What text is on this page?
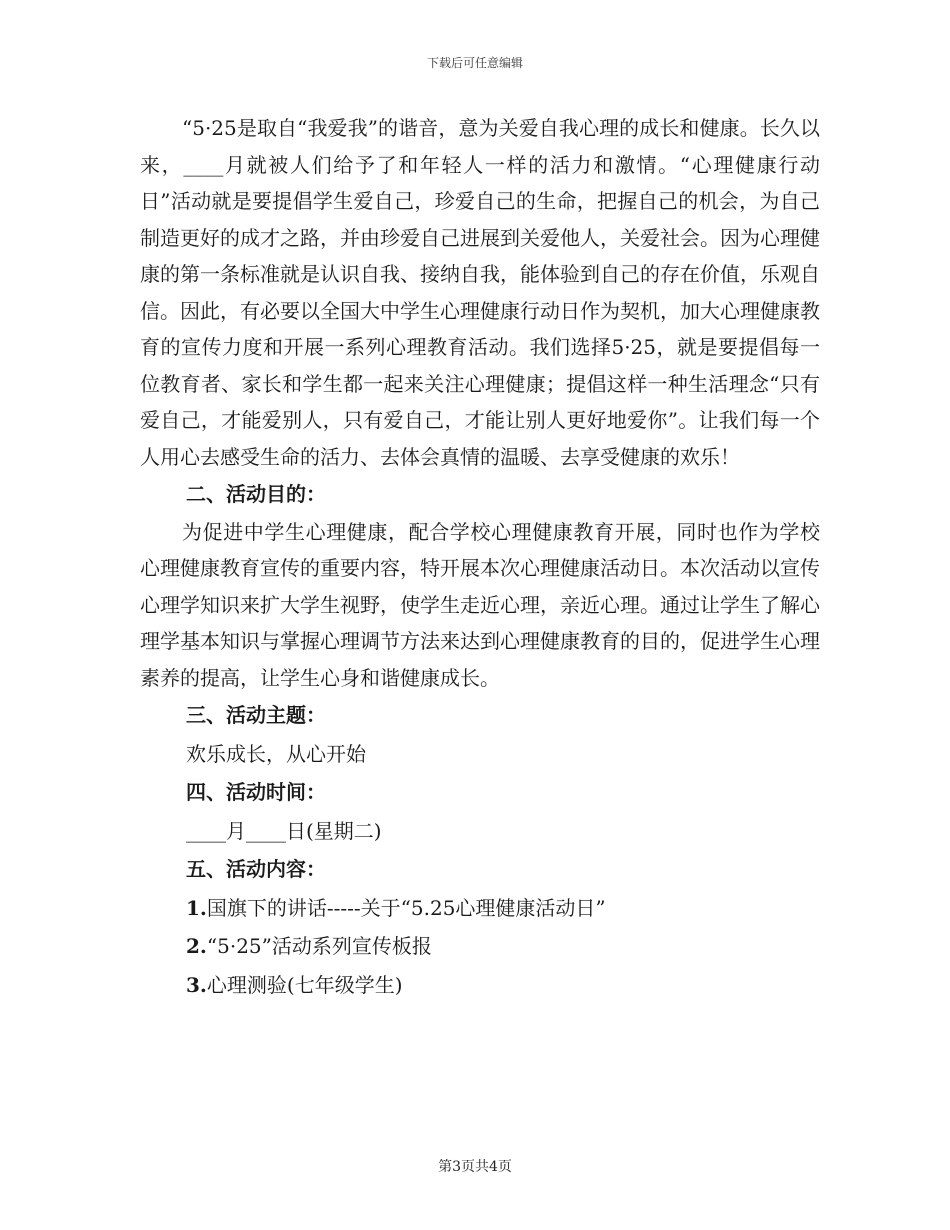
下载后可任意编辑

“5·25是取自“我爱我”的谐音，意为关爱自我心理的成长和健康。长久以来，____月就被人们给予了和年轻人一样的活力和激情。“心理健康行动日”活动就是要提倡学生爱自己，珍爱自己的生命，把握自己的机会，为自己制造更好的成才之路，并由珍爱自己进展到关爱他人，关爱社会。因为心理健康的第一条标准就是认识自我、接纳自我，能体验到自己的存在价值，乐观自信。因此，有必要以全国大中学生心理健康行动日作为契机，加大心理健康教育的宣传力度和开展一系列心理教育活动。我们选择5·25，就是要提倡每一位教育者、家长和学生都一起来关注心理健康；提倡这样一种生活理念“只有爱自己，才能爱别人，只有爱自己，才能让别人更好地爱你”。让我们每一个人用心去感受生命的活力、去体会真情的温暖、去享受健康的欢乐！

二、活动目的：

为促进中学生心理健康，配合学校心理健康教育开展，同时也作为学校心理健康教育宣传的重要内容，特开展本次心理健康活动日。本次活动以宣传心理学知识来扩大学生视野，使学生走近心理，亲近心理。通过让学生了解心理学基本知识与掌握心理调节方法来达到心理健康教育的目的，促进学生心理素养的提高，让学生心身和谐健康成长。

三、活动主题：

欢乐成长，从心开始

四、活动时间：

____月____日(星期二)

五、活动内容：

1.国旗下的讲话-----关于“5.25心理健康活动日”

2.“5·25”活动系列宣传板报

3.心理测验(七年级学生)

第3页共4页
